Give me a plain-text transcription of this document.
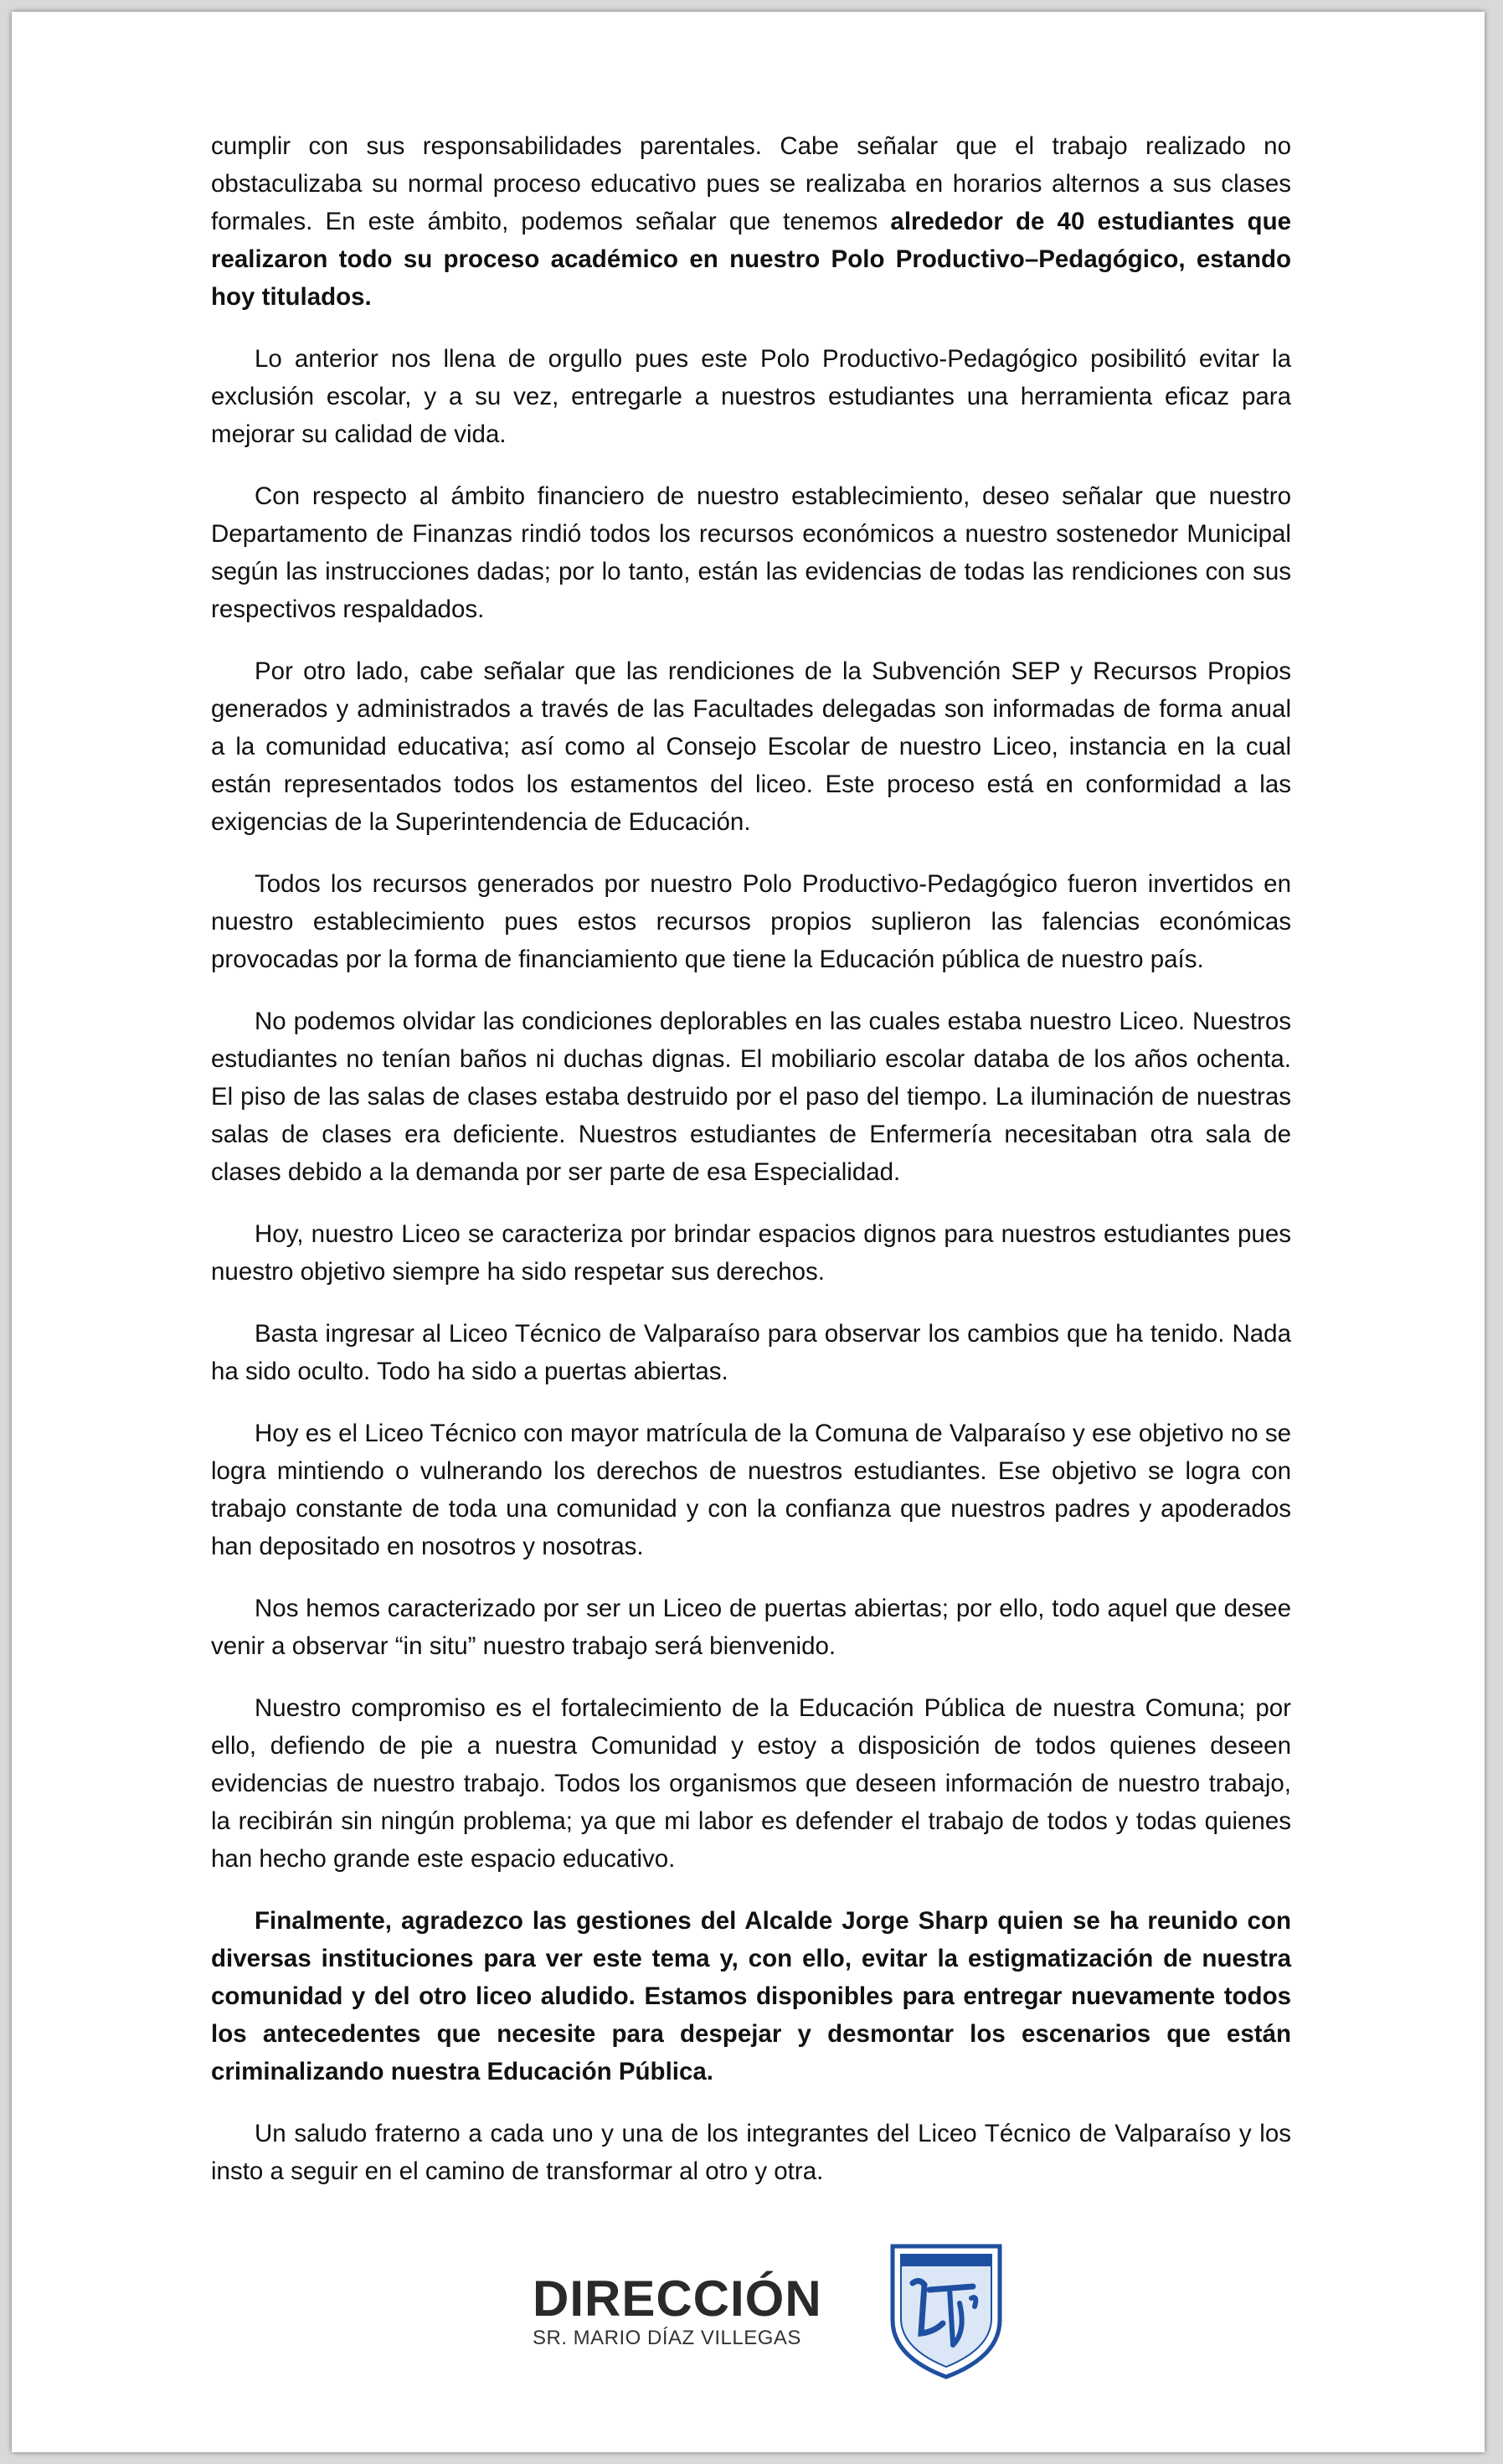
cumplir con sus responsabilidades parentales. Cabe señalar que el trabajo realizado no obstaculizaba su normal proceso educativo pues se realizaba en horarios alternos a sus clases formales. En este ámbito, podemos señalar que tenemos alrededor de 40 estudiantes que realizaron todo su proceso académico en nuestro Polo Productivo–Pedagógico, estando hoy titulados.

Lo anterior nos llena de orgullo pues este Polo Productivo-Pedagógico posibilitó evitar la exclusión escolar, y a su vez, entregarle a nuestros estudiantes una herramienta eficaz para mejorar su calidad de vida.

Con respecto al ámbito financiero de nuestro establecimiento, deseo señalar que nuestro Departamento de Finanzas rindió todos los recursos económicos a nuestro sostenedor Municipal según las instrucciones dadas; por lo tanto, están las evidencias de todas las rendiciones con sus respectivos respaldados.

Por otro lado, cabe señalar que las rendiciones de la Subvención SEP y Recursos Propios generados y administrados a través de las Facultades delegadas son informadas de forma anual a la comunidad educativa; así como al Consejo Escolar de nuestro Liceo, instancia en la cual están representados todos los estamentos del liceo. Este proceso está en conformidad a las exigencias de la Superintendencia de Educación.

Todos los recursos generados por nuestro Polo Productivo-Pedagógico fueron invertidos en nuestro establecimiento pues estos recursos propios suplieron las falencias económicas provocadas por la forma de financiamiento que tiene la Educación pública de nuestro país.

No podemos olvidar las condiciones deplorables en las cuales estaba nuestro Liceo. Nuestros estudiantes no tenían baños ni duchas dignas. El mobiliario escolar databa de los años ochenta. El piso de las salas de clases estaba destruido por el paso del tiempo. La iluminación de nuestras salas de clases era deficiente. Nuestros estudiantes de Enfermería necesitaban otra sala de clases debido a la demanda por ser parte de esa Especialidad.

Hoy, nuestro Liceo se caracteriza por brindar espacios dignos para nuestros estudiantes pues nuestro objetivo siempre ha sido respetar sus derechos.

Basta ingresar al Liceo Técnico de Valparaíso para observar los cambios que ha tenido. Nada ha sido oculto. Todo ha sido a puertas abiertas.

Hoy es el Liceo Técnico con mayor matrícula de la Comuna de Valparaíso y ese objetivo no se logra mintiendo o vulnerando los derechos de nuestros estudiantes. Ese objetivo se logra con trabajo constante de toda una comunidad y con la confianza que nuestros padres y apoderados han depositado en nosotros y nosotras.

Nos hemos caracterizado por ser un Liceo de puertas abiertas; por ello, todo aquel que desee venir a observar “in situ” nuestro trabajo será bienvenido.

Nuestro compromiso es el fortalecimiento de la Educación Pública de nuestra Comuna; por ello, defiendo de pie a nuestra Comunidad y estoy a disposición de todos quienes deseen evidencias de nuestro trabajo. Todos los organismos que deseen información de nuestro trabajo, la recibirán sin ningún problema; ya que mi labor es defender el trabajo de todos y todas quienes han hecho grande este espacio educativo.

Finalmente, agradezco las gestiones del Alcalde Jorge Sharp quien se ha reunido con diversas instituciones para ver este tema y, con ello, evitar la estigmatización de nuestra comunidad y del otro liceo aludido. Estamos disponibles para entregar nuevamente todos los antecedentes que necesite para despejar y desmontar los escenarios que están criminalizando nuestra Educación Pública.

Un saludo fraterno a cada uno y una de los integrantes del Liceo Técnico de Valparaíso y los insto a seguir en el camino de transformar al otro y otra.

DIRECCIÓN
SR. MARIO DÍAZ VILLEGAS
